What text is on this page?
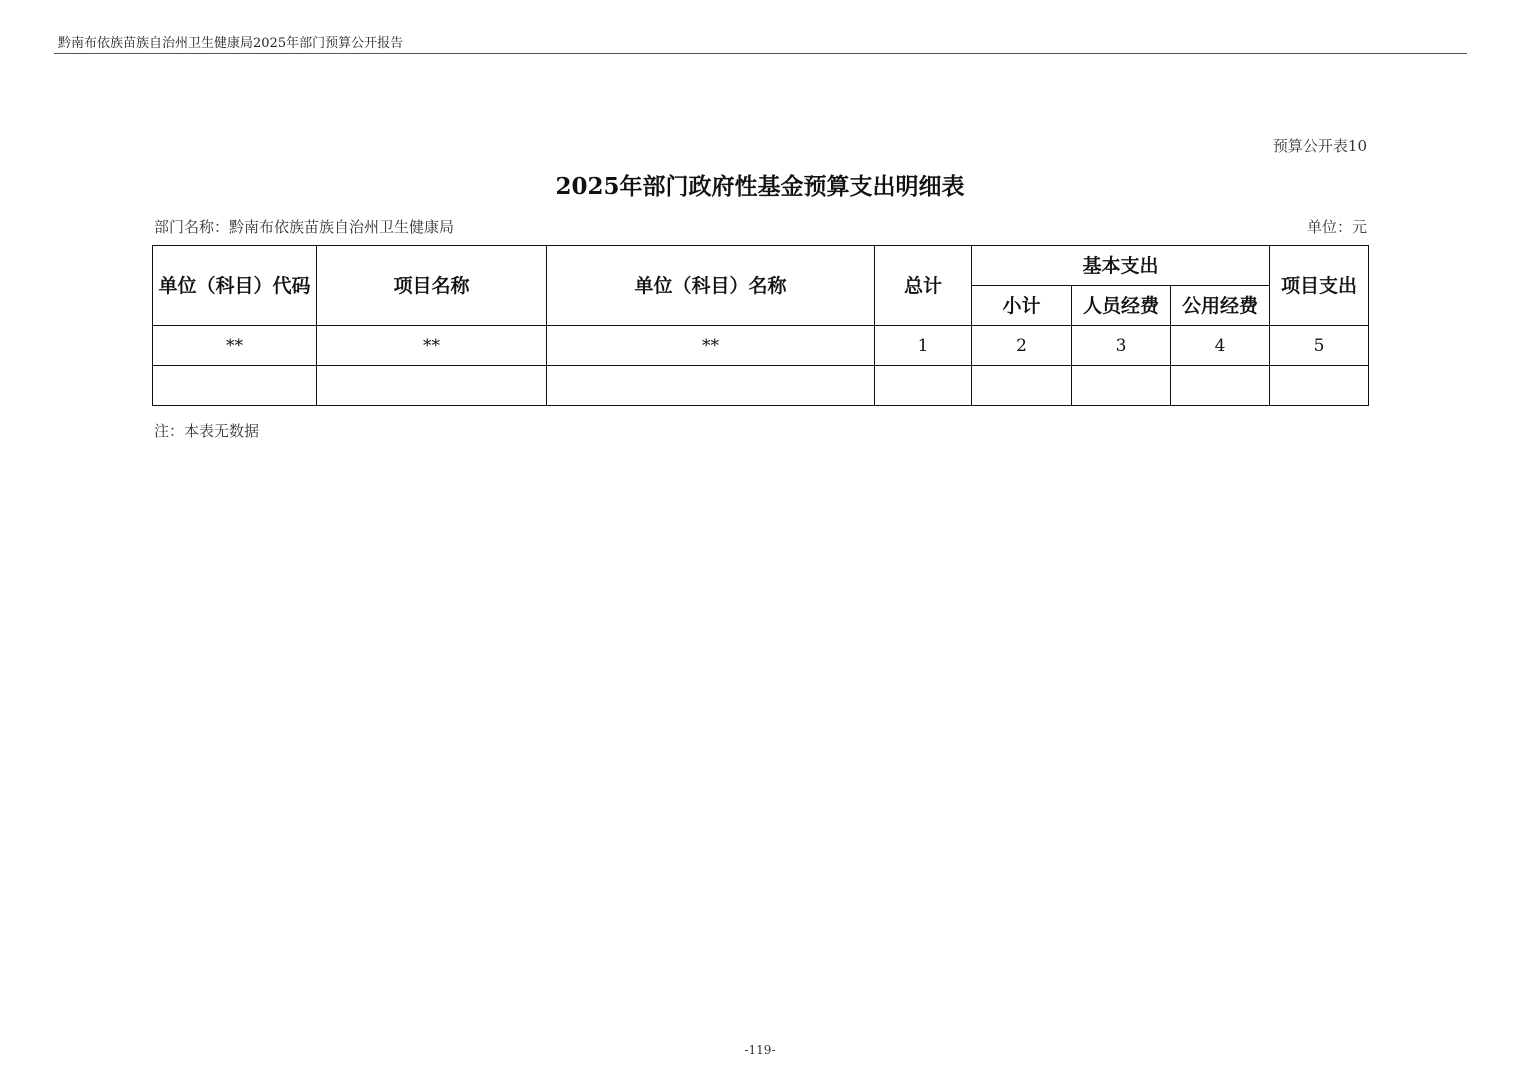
黔南布依族苗族自治州卫生健康局2025年部门预算公开报告
预算公开表10
2025年部门政府性基金预算支出明细表
部门名称：黔南布依族苗族自治州卫生健康局	单位：元
单位（科目）代码	项目名称	单位（科目）名称	总计	基本支出			项目支出
				小计	人员经费	公用经费	
**	**	**	1	2	3	4	5

注：本表无数据
-119-
